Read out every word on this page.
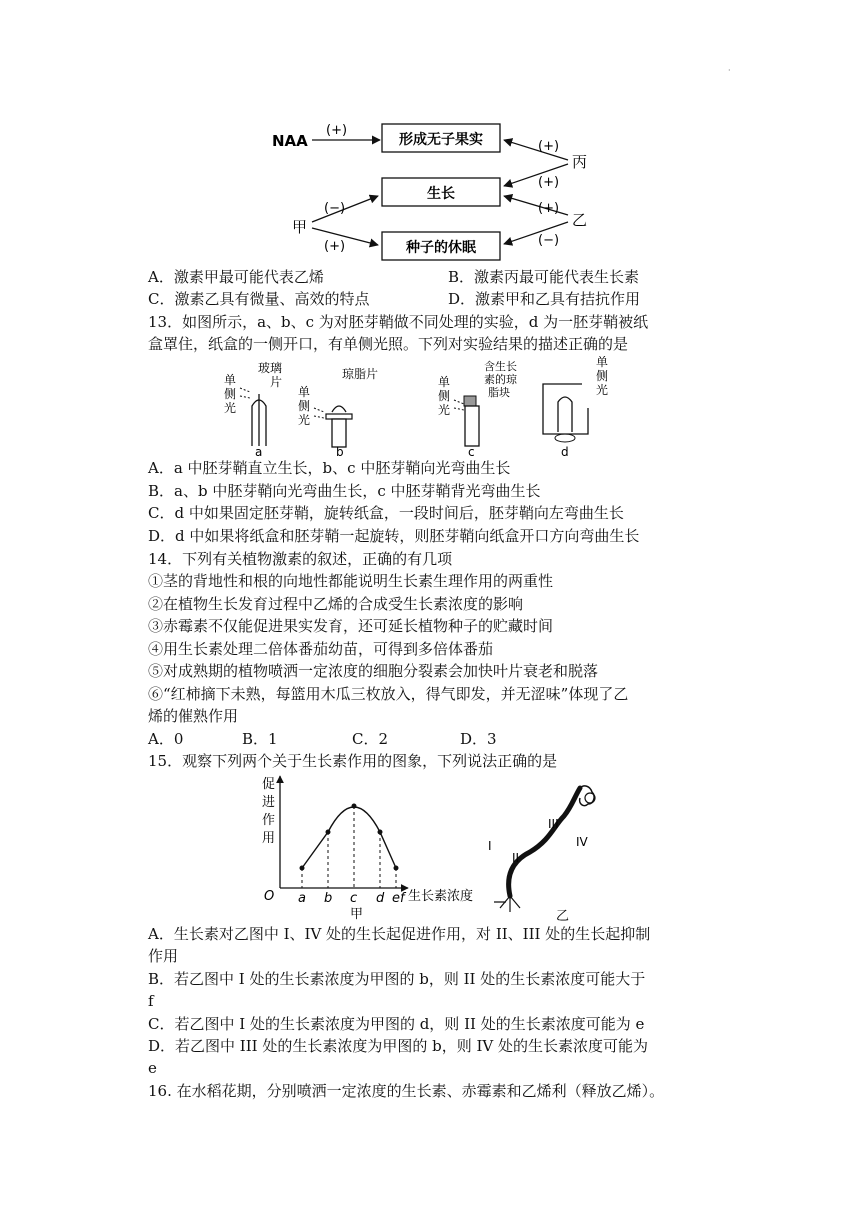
·
NAA
(+)
形成无子果实
生长
种子的休眠
丙
(+)
(+)
乙
(+)
(−)
甲
(−)
(+)
A．激素甲最可能代表乙烯	B．激素丙最可能代表生长素
C．激素乙具有微量、高效的特点	D．激素甲和乙具有拮抗作用
13．如图所示，a、b、c 为对胚芽鞘做不同处理的实验，d 为一胚芽鞘被纸
盒罩住，纸盒的一侧开口，有单侧光照。下列对实验结果的描述正确的是
单
侧
光
玻璃
片
a
单
侧
光
琼脂片
b
单
侧
光
含生长
素的琼
脂块
c
单
侧
光
d
A．a 中胚芽鞘直立生长，b、c 中胚芽鞘向光弯曲生长
B．a、b 中胚芽鞘向光弯曲生长，c 中胚芽鞘背光弯曲生长
C．d 中如果固定胚芽鞘，旋转纸盒，一段时间后，胚芽鞘向左弯曲生长
D．d 中如果将纸盒和胚芽鞘一起旋转，则胚芽鞘向纸盒开口方向弯曲生长
14．下列有关植物激素的叙述，正确的有几项
①茎的背地性和根的向地性都能说明生长素生理作用的两重性
②在植物生长发育过程中乙烯的合成受生长素浓度的影响
③赤霉素不仅能促进果实发育，还可延长植物种子的贮藏时间
④用生长素处理二倍体番茄幼苗，可得到多倍体番茄
⑤对成熟期的植物喷洒一定浓度的细胞分裂素会加快叶片衰老和脱落
⑥“红柿摘下未熟，每篮用木瓜三枚放入，得气即发，并无涩味”体现了乙
烯的催熟作用
A．0	B．1	C．2	D．3
15．观察下列两个关于生长素作用的图象，下列说法正确的是
促
进
作
用
O	生长素浓度
a b c d e f
甲
I
II
III
IV
乙
A．生长素对乙图中 I、IV 处的生长起促进作用，对 II、III 处的生长起抑制
作用
B．若乙图中 I 处的生长素浓度为甲图的 b，则 II 处的生长素浓度可能大于
f
C．若乙图中 I 处的生长素浓度为甲图的 d，则 II 处的生长素浓度可能为 e
D．若乙图中 III 处的生长素浓度为甲图的 b，则 IV 处的生长素浓度可能为
e
16. 在水稻花期，分别喷洒一定浓度的生长素、赤霉素和乙烯利（释放乙烯）。
